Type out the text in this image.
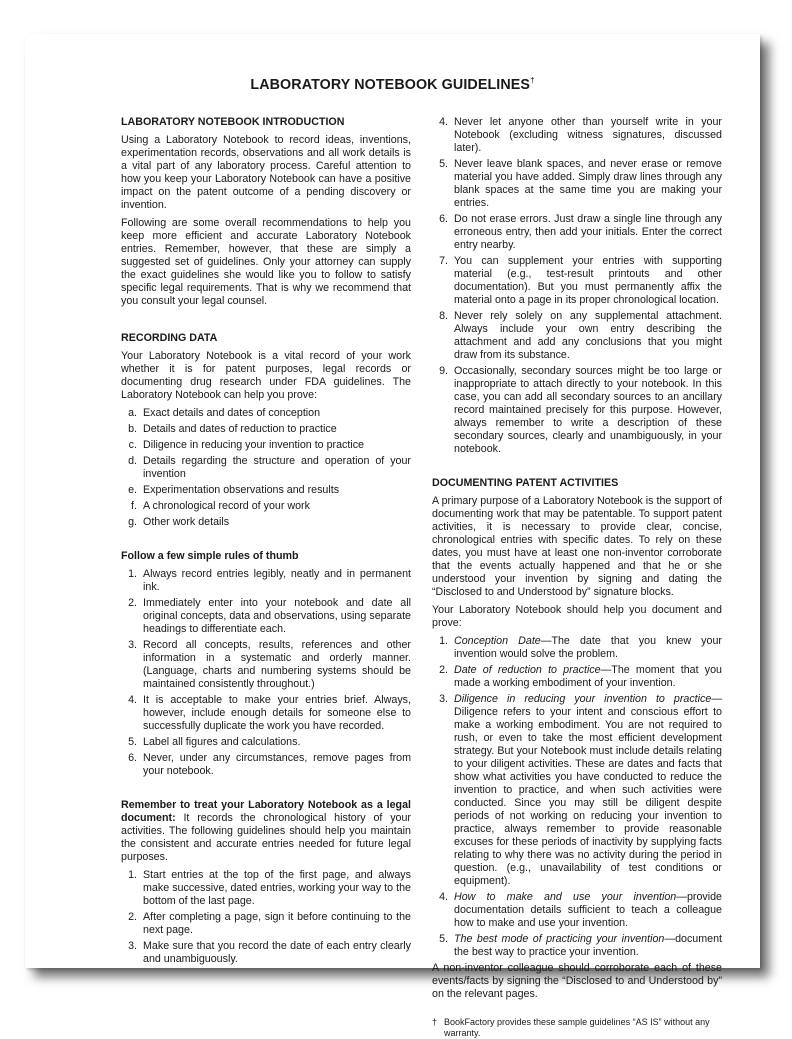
LABORATORY NOTEBOOK GUIDELINES†
LABORATORY NOTEBOOK INTRODUCTION

Using a Laboratory Notebook to record ideas, inventions, experimentation records, observations and all work details is a vital part of any laboratory process. Careful attention to how you keep your Laboratory Notebook can have a positive impact on the patent outcome of a pending discovery or invention.

Following are some overall recommendations to help you keep more efficient and accurate Laboratory Notebook entries. Remember, however, that these are simply a suggested set of guidelines. Only your attorney can supply the exact guidelines she would like you to follow to satisfy specific legal requirements. That is why we recommend that you consult your legal counsel.

RECORDING DATA

Your Laboratory Notebook is a vital record of your work whether it is for patent purposes, legal records or documenting drug research under FDA guidelines. The Laboratory Notebook can help you prove:

a. Exact details and dates of conception
b. Details and dates of reduction to practice
c. Diligence in reducing your invention to practice
d. Details regarding the structure and operation of your invention
e. Experimentation observations and results
f. A chronological record of your work
g. Other work details
Follow a few simple rules of thumb
1. Always record entries legibly, neatly and in permanent ink.
2. Immediately enter into your notebook and date all original concepts, data and observations, using separate headings to differentiate each.
3. Record all concepts, results, references and other information in a systematic and orderly manner. (Language, charts and numbering systems should be maintained consistently throughout.)
4. It is acceptable to make your entries brief. Always, however, include enough details for someone else to successfully duplicate the work you have recorded.
5. Label all figures and calculations.
6. Never, under any circumstances, remove pages from your notebook.

Remember to treat your Laboratory Notebook as a legal document: It records the chronological history of your activities. The following guidelines should help you maintain the consistent and accurate entries needed for future legal purposes.

1. Start entries at the top of the first page, and always make successive, dated entries, working your way to the bottom of the last page.
2. After completing a page, sign it before continuing to the next page.
3. Make sure that you record the date of each entry clearly and unambiguously.
4. Never let anyone other than yourself write in your Notebook (excluding witness signatures, discussed later).
5. Never leave blank spaces, and never erase or remove material you have added. Simply draw lines through any blank spaces at the same time you are making your entries.
6. Do not erase errors. Just draw a single line through any erroneous entry, then add your initials. Enter the correct entry nearby.
7. You can supplement your entries with supporting material (e.g., test-result printouts and other documentation). But you must permanently affix the material onto a page in its proper chronological location.
8. Never rely solely on any supplemental attachment. Always include your own entry describing the attachment and add any conclusions that you might draw from its substance.
9. Occasionally, secondary sources might be too large or inappropriate to attach directly to your notebook. In this case, you can add all secondary sources to an ancillary record maintained precisely for this purpose. However, always remember to write a description of these secondary sources, clearly and unambiguously, in your notebook.
DOCUMENTING PATENT ACTIVITIES

A primary purpose of a Laboratory Notebook is the support of documenting work that may be patentable. To support patent activities, it is necessary to provide clear, concise, chronological entries with specific dates. To rely on these dates, you must have at least one non-inventor corroborate that the events actually happened and that he or she understood your invention by signing and dating the “Disclosed to and Understood by” signature blocks.

Your Laboratory Notebook should help you document and prove:

1. Conception Date—The date that you knew your invention would solve the problem.
2. Date of reduction to practice—The moment that you made a working embodiment of your invention.
3. Diligence in reducing your invention to practice—Diligence refers to your intent and conscious effort to make a working embodiment. You are not required to rush, or even to take the most efficient development strategy. But your Notebook must include details relating to your diligent activities. These are dates and facts that show what activities you have conducted to reduce the invention to practice, and when such activities were conducted. Since you may still be diligent despite periods of not working on reducing your invention to practice, always remember to provide reasonable excuses for these periods of inactivity by supplying facts relating to why there was no activity during the period in question. (e.g., unavailability of test conditions or equipment).
4. How to make and use your invention—provide documentation details sufficient to teach a colleague how to make and use your invention.
5. The best mode of practicing your invention—document the best way to practice your invention.

A non-inventor colleague should corroborate each of these events/facts by signing the “Disclosed to and Understood by” on the relevant pages.

† BookFactory provides these sample guidelines “AS IS” without any warranty.
